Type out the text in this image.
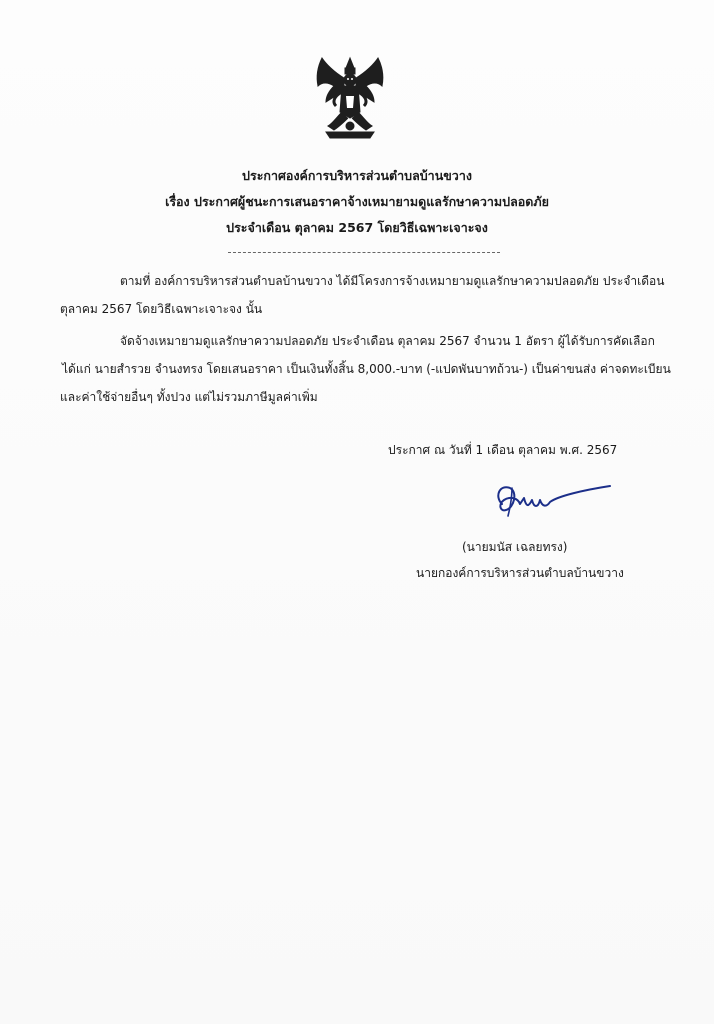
ประกาศองค์การบริหารส่วนตำบลบ้านขวาง
เรื่อง ประกาศผู้ชนะการเสนอราคาจ้างเหมายามดูแลรักษาความปลอดภัย
ประจำเดือน ตุลาคม 2567 โดยวิธีเฉพาะเจาะจง
ตามที่ องค์การบริหารส่วนตำบลบ้านขวาง ได้มีโครงการจ้างเหมายามดูแลรักษาความปลอดภัย ประจำเดือน
ตุลาคม 2567 โดยวิธีเฉพาะเจาะจง นั้น
จัดจ้างเหมายามดูแลรักษาความปลอดภัย ประจำเดือน ตุลาคม 2567 จำนวน 1 อัตรา ผู้ได้รับการคัดเลือก
ได้แก่ นายสำรวย จำนงทรง โดยเสนอราคา เป็นเงินทั้งสิ้น 8,000.-บาท (-แปดพันบาทถ้วน-) เป็นค่าขนส่ง ค่าจดทะเบียน
และค่าใช้จ่ายอื่นๆ ทั้งปวง แต่ไม่รวมภาษีมูลค่าเพิ่ม
ประกาศ ณ วันที่ 1 เดือน ตุลาคม พ.ศ. 2567
(นายมนัส เฉลยทรง)
นายกองค์การบริหารส่วนตำบลบ้านขวาง
